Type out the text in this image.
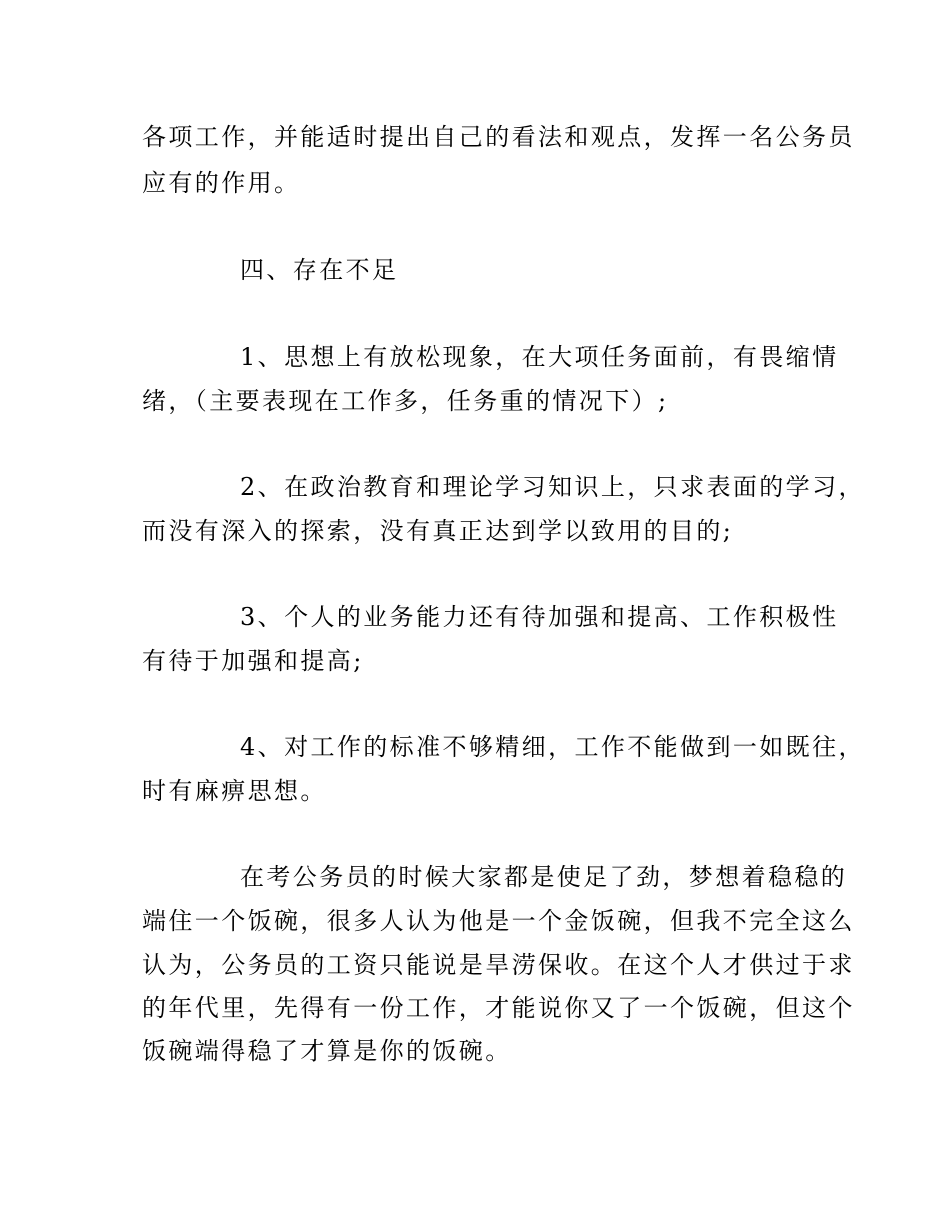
各项工作，并能适时提出自己的看法和观点，发挥一名公务员

应有的作用。

四、存在不足

1、思想上有放松现象，在大项任务面前，有畏缩情

绪，（主要表现在工作多，任务重的情况下）;

2、在政治教育和理论学习知识上，只求表面的学习，

而没有深入的探索，没有真正达到学以致用的目的;

3、个人的业务能力还有待加强和提高、工作积极性

有待于加强和提高;

4、对工作的标准不够精细，工作不能做到一如既往，

时有麻痹思想。

在考公务员的时候大家都是使足了劲，梦想着稳稳的

端住一个饭碗，很多人认为他是一个金饭碗，但我不完全这么

认为，公务员的工资只能说是旱涝保收。在这个人才供过于求

的年代里，先得有一份工作，才能说你又了一个饭碗，但这个

饭碗端得稳了才算是你的饭碗。
